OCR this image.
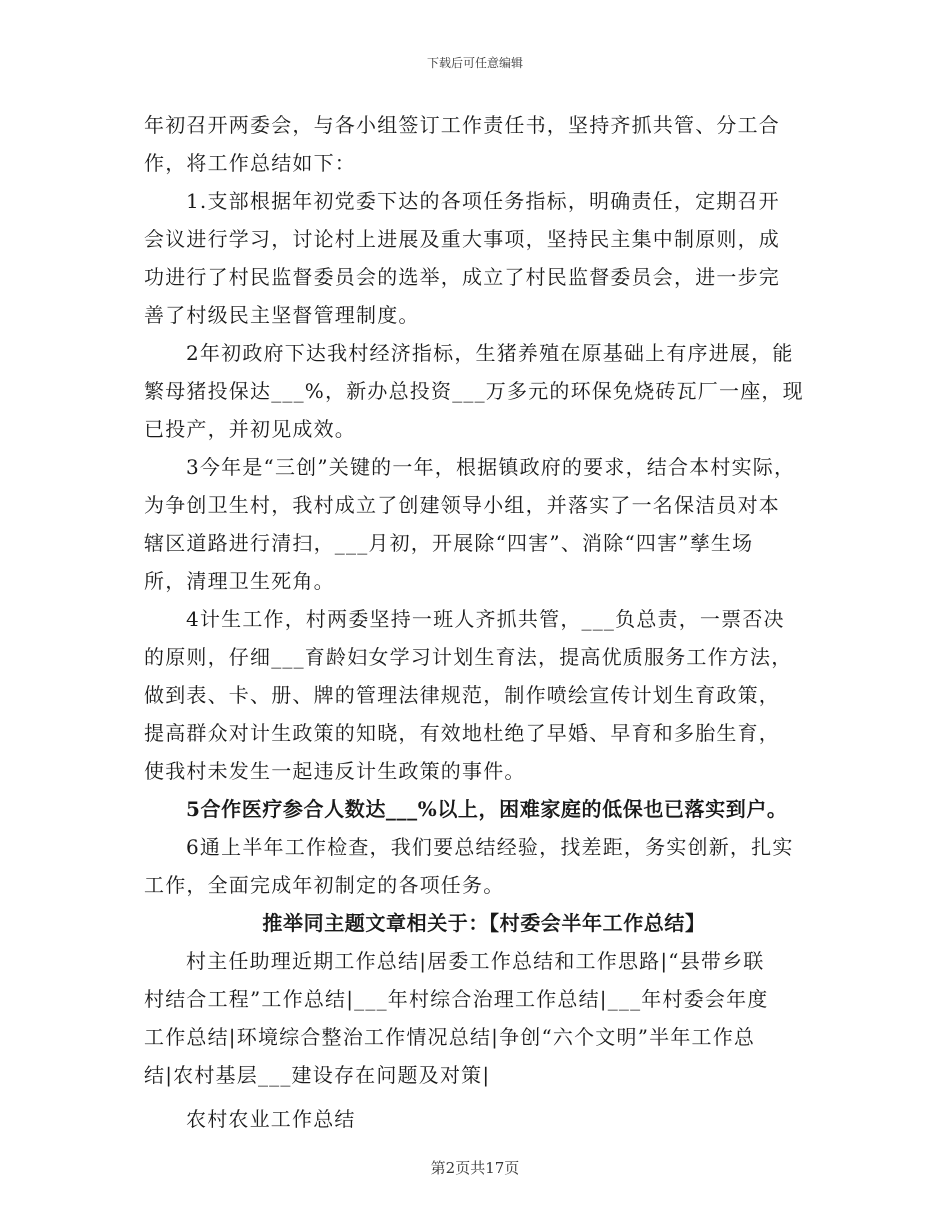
下载后可任意编辑
年初召开两委会，与各小组签订工作责任书，坚持齐抓共管、分工合
作，将工作总结如下：
1.支部根据年初党委下达的各项任务指标，明确责任，定期召开
会议进行学习，讨论村上进展及重大事项，坚持民主集中制原则，成
功进行了村民监督委员会的选举，成立了村民监督委员会，进一步完
善了村级民主坚督管理制度。
2年初政府下达我村经济指标，生猪养殖在原基础上有序进展，能
繁母猪投保达___%，新办总投资___万多元的环保免烧砖瓦厂一座，现
已投产，并初见成效。
3今年是“三创”关键的一年，根据镇政府的要求，结合本村实际，
为争创卫生村，我村成立了创建领导小组，并落实了一名保洁员对本
辖区道路进行清扫，___月初，开展除“四害”、消除“四害”孳生场
所，清理卫生死角。
4计生工作，村两委坚持一班人齐抓共管，___负总责，一票否决
的原则，仔细___育龄妇女学习计划生育法，提高优质服务工作方法，
做到表、卡、册、牌的管理法律规范，制作喷绘宣传计划生育政策，
提高群众对计生政策的知晓，有效地杜绝了早婚、早育和多胎生育，
使我村未发生一起违反计生政策的事件。
5合作医疗参合人数达___%以上，困难家庭的低保也已落实到户。
6通上半年工作检查，我们要总结经验，找差距，务实创新，扎实
工作，全面完成年初制定的各项任务。
推举同主题文章相关于：【村委会半年工作总结】
村主任助理近期工作总结|居委工作总结和工作思路|“县带乡联
村结合工程”工作总结|___年村综合治理工作总结|___年村委会年度
工作总结|环境综合整治工作情况总结|争创“六个文明”半年工作总
结|农村基层___建设存在问题及对策|
农村农业工作总结
第2页共17页
